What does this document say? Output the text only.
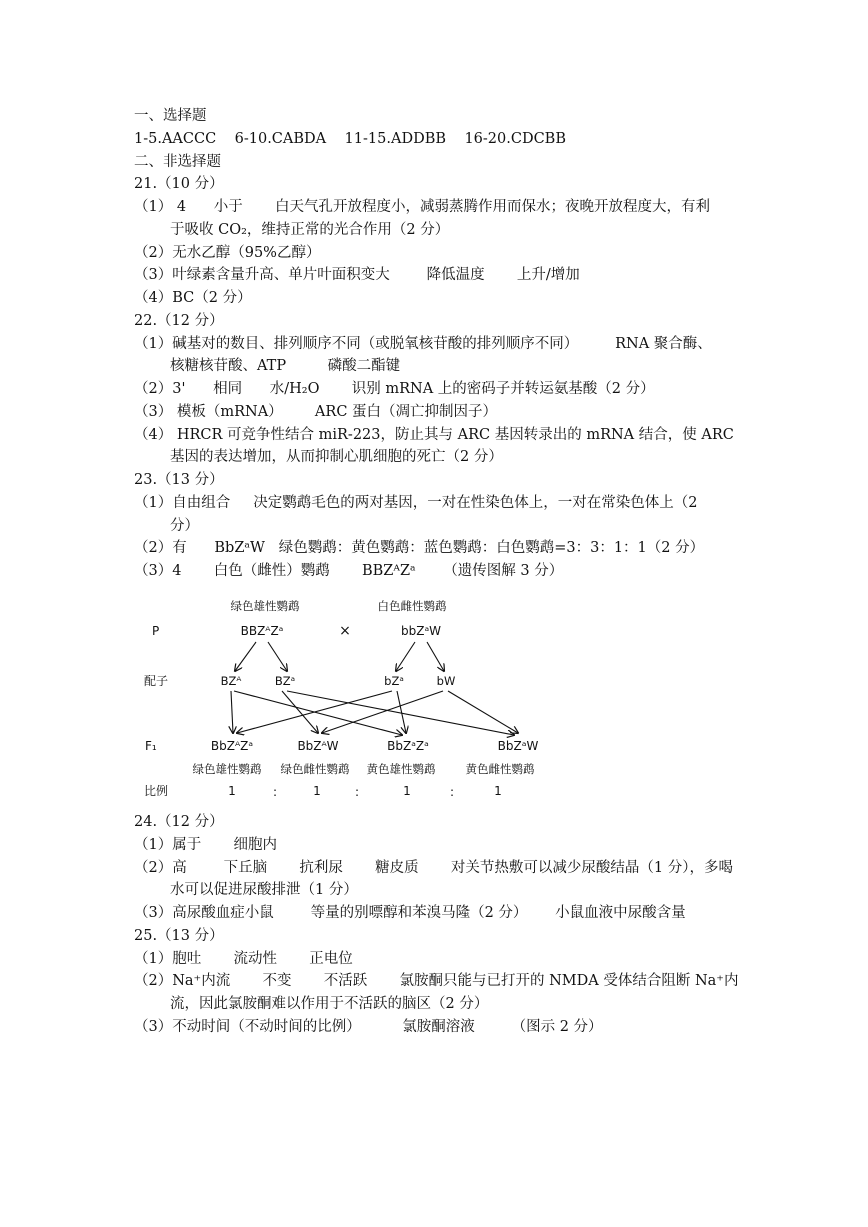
一、选择题
1-5.AACCC    6-10.CABDA    11-15.ADDBB    16-20.CDCBB
二、非选择题
21.（10 分）
（1） 4      小于       白天气孔开放程度小，减弱蒸腾作用而保水；夜晚开放程度大，有利
于吸收 CO₂，维持正常的光合作用（2 分）
（2）无水乙醇（95%乙醇）
（3）叶绿素含量升高、单片叶面积变大        降低温度       上升/增加
（4）BC（2 分）
22.（12 分）
（1）碱基对的数目、排列顺序不同（或脱氧核苷酸的排列顺序不同）        RNA 聚合酶、
核糖核苷酸、ATP         磷酸二酯键
（2）3'      相同      水/H₂O       识别 mRNA 上的密码子并转运氨基酸（2 分）
（3） 模板（mRNA）       ARC 蛋白（凋亡抑制因子）
（4） HRCR 可竞争性结合 miR-223，防止其与 ARC 基因转录出的 mRNA 结合，使 ARC
基因的表达增加，从而抑制心肌细胞的死亡（2 分）
23.（13 分）
（1）自由组合     决定鹦鹉毛色的两对基因，一对在性染色体上，一对在常染色体上（2
分）
（2）有      BbZᵃW   绿色鹦鹉：黄色鹦鹉：蓝色鹦鹉：白色鹦鹉=3：3：1：1（2 分）
（3）4       白色（雌性）鹦鹉       BBZᴬZᵃ      （遗传图解 3 分）
绿色雄性鹦鹉	白色雌性鹦鹉
P	BBZᴬZᵃ	×	bbZᵃW
配子	BZᴬ	BZᵃ	bZᵃ	bW
F₁	BbZᴬZᵃ	BbZᴬW	BbZᵃZᵃ	BbZᵃW
绿色雄性鹦鹉 绿色雌性鹦鹉 黄色雄性鹦鹉	黄色雌性鹦鹉
比例	1	:	1	:	1	:	1
24.（12 分）
（1）属于       细胞内
（2）高        下丘脑       抗利尿       糖皮质       对关节热敷可以减少尿酸结晶（1 分），多喝
水可以促进尿酸排泄（1 分）
（3）高尿酸血症小鼠        等量的别嘌醇和苯溴马隆（2 分）      小鼠血液中尿酸含量
25.（13 分）
（1）胞吐       流动性       正电位
（2）Na⁺内流       不变       不活跃       氯胺酮只能与已打开的 NMDA 受体结合阻断 Na⁺内
流，因此氯胺酮难以作用于不活跃的脑区（2 分）
（3）不动时间（不动时间的比例）         氯胺酮溶液        （图示 2 分）
